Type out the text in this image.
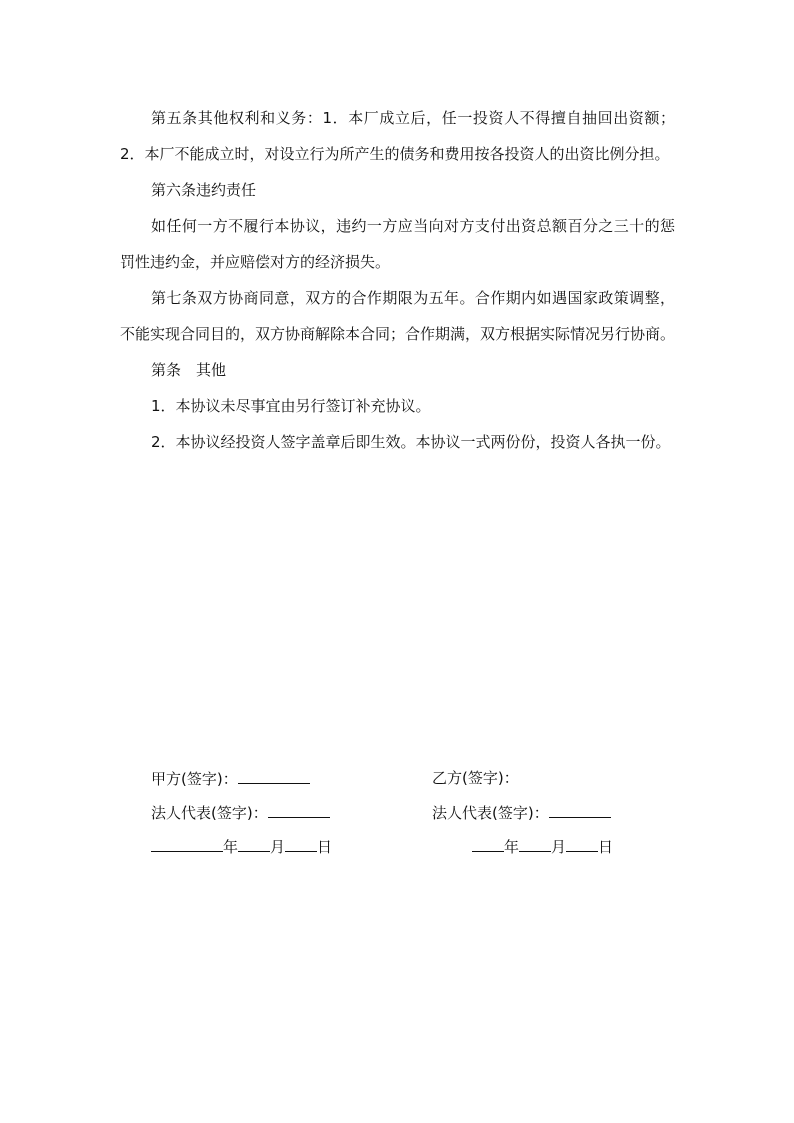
第五条其他权利和义务：1．本厂成立后，任一投资人不得擅自抽回出资额；2．本厂不能成立时，对设立行为所产生的债务和费用按各投资人的出资比例分担。

第六条违约责任

如任何一方不履行本协议，违约一方应当向对方支付出资总额百分之三十的惩罚性违约金，并应赔偿对方的经济损失。

第七条双方协商同意，双方的合作期限为五年。合作期内如遇国家政策调整，不能实现合同目的，双方协商解除本合同；合作期满，双方根据实际情况另行协商。

第条　其他

1．本协议未尽事宜由另行签订补充协议。

2．本协议经投资人签字盖章后即生效。本协议一式两份份，投资人各执一份。

甲方(签字)：
法人代表(签字)：
年 月 日
乙方(签字)：
法人代表(签字)：
年 月 日
